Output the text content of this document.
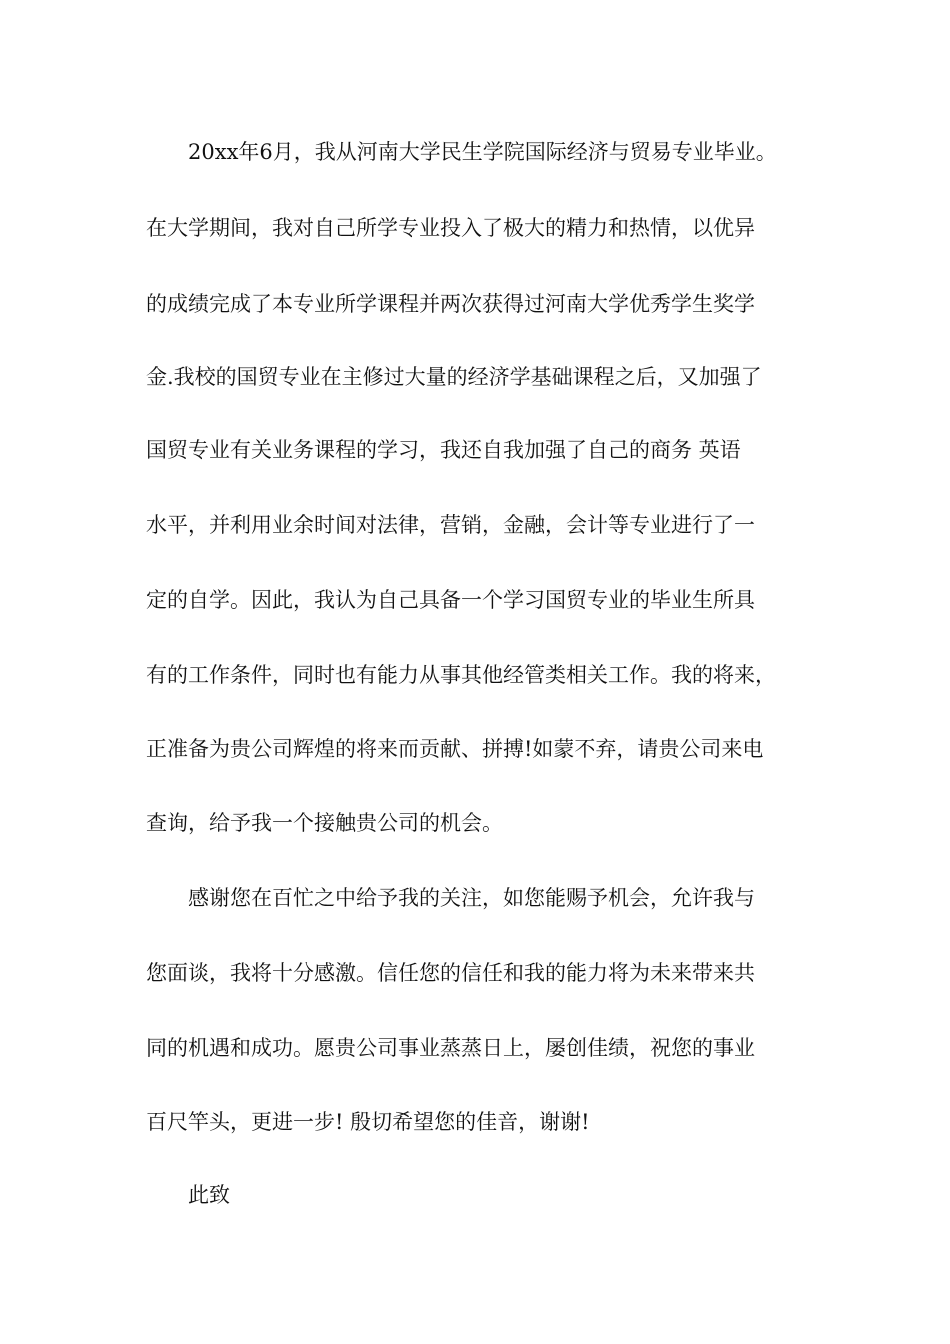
20xx年6月，我从河南大学民生学院国际经济与贸易专业毕业。
在大学期间，我对自己所学专业投入了极大的精力和热情，以优异
的成绩完成了本专业所学课程并两次获得过河南大学优秀学生奖学
金.我校的国贸专业在主修过大量的经济学基础课程之后，又加强了
国贸专业有关业务课程的学习，我还自我加强了自己的商务 英语
水平，并利用业余时间对法律，营销，金融，会计等专业进行了一
定的自学。因此，我认为自己具备一个学习国贸专业的毕业生所具
有的工作条件，同时也有能力从事其他经管类相关工作。我的将来，
正准备为贵公司辉煌的将来而贡献、拼搏!如蒙不弃，请贵公司来电
查询，给予我一个接触贵公司的机会。
感谢您在百忙之中给予我的关注，如您能赐予机会，允许我与
您面谈，我将十分感激。信任您的信任和我的能力将为未来带来共
同的机遇和成功。愿贵公司事业蒸蒸日上，屡创佳绩，祝您的事业
百尺竿头，更进一步! 殷切希望您的佳音，谢谢!
此致
